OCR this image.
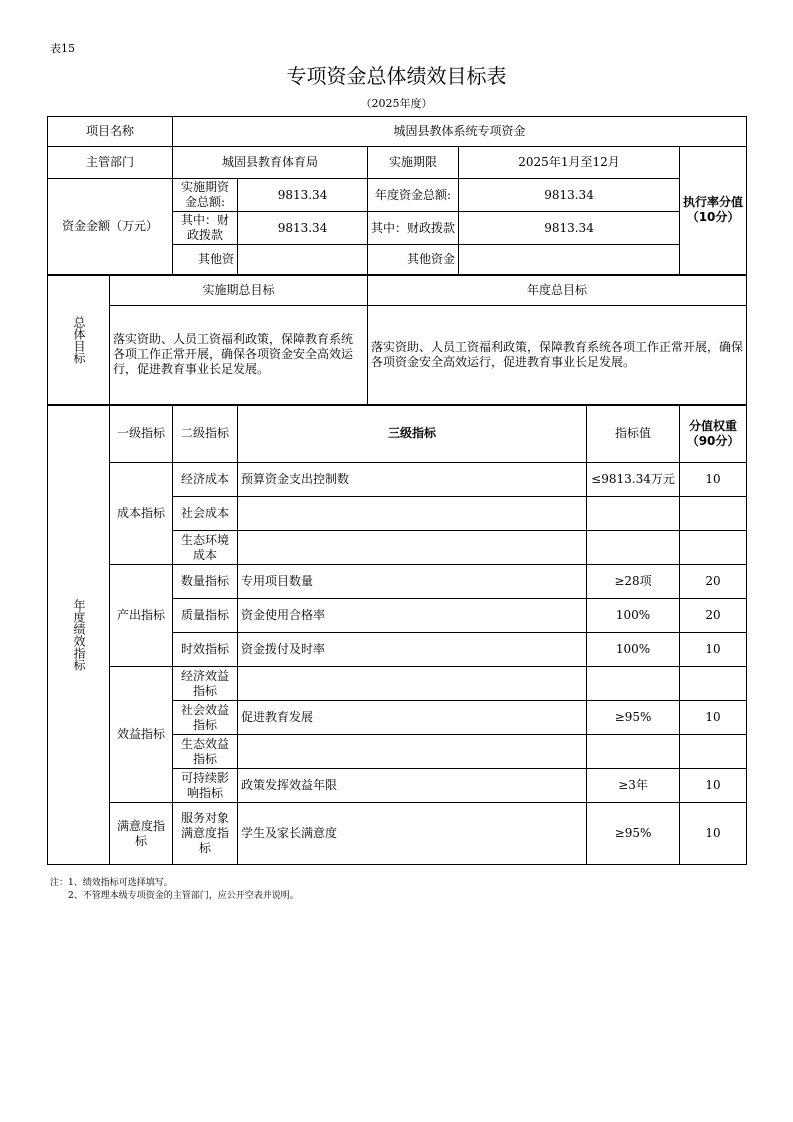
表15
专项资金总体绩效目标表
（2025年度）
项目名称		城固县教体系统专项资金					
主管部门		城固县教育体育局		实施期限	2025年1月至12月		执行率分值（10分）
资金金额（万元）		实施期资金总额:	9813.34	年度资金总额:	9813.34		
		其中：财政拨款	9813.34	其中：财政拨款	9813.34		
		其他资		其他资金			
总体目标	实施期总目标			年度总目标			
	落实资助、人员工资福利政策，保障教育系统各项工作正常开展，确保各项资金安全高效运行，促进教育事业长足发展。			落实资助、人员工资福利政策，保障教育系统各项工作正常开展，确保各项资金安全高效运行，促进教育事业长足发展。			
年度绩效指标	一级指标	二级指标	三级指标			指标值	分值权重（90分）
	成本指标	经济成本	预算资金支出控制数			≤9813.34万元	10
		社会成本					
		生态环境成本					
	产出指标	数量指标	专用项目数量			≥28项	20
		质量指标	资金使用合格率			100%	20
		时效指标	资金拨付及时率			100%	10
	效益指标	经济效益指标					
		社会效益指标	促进教育发展			≥95%	10
		生态效益指标					
		可持续影响指标	政策发挥效益年限			≥3年	10
	满意度指标	服务对象满意度指标	学生及家长满意度			≥95%	10
注：1、绩效指标可选择填写。
2、不管理本级专项资金的主管部门，应公开空表并说明。
